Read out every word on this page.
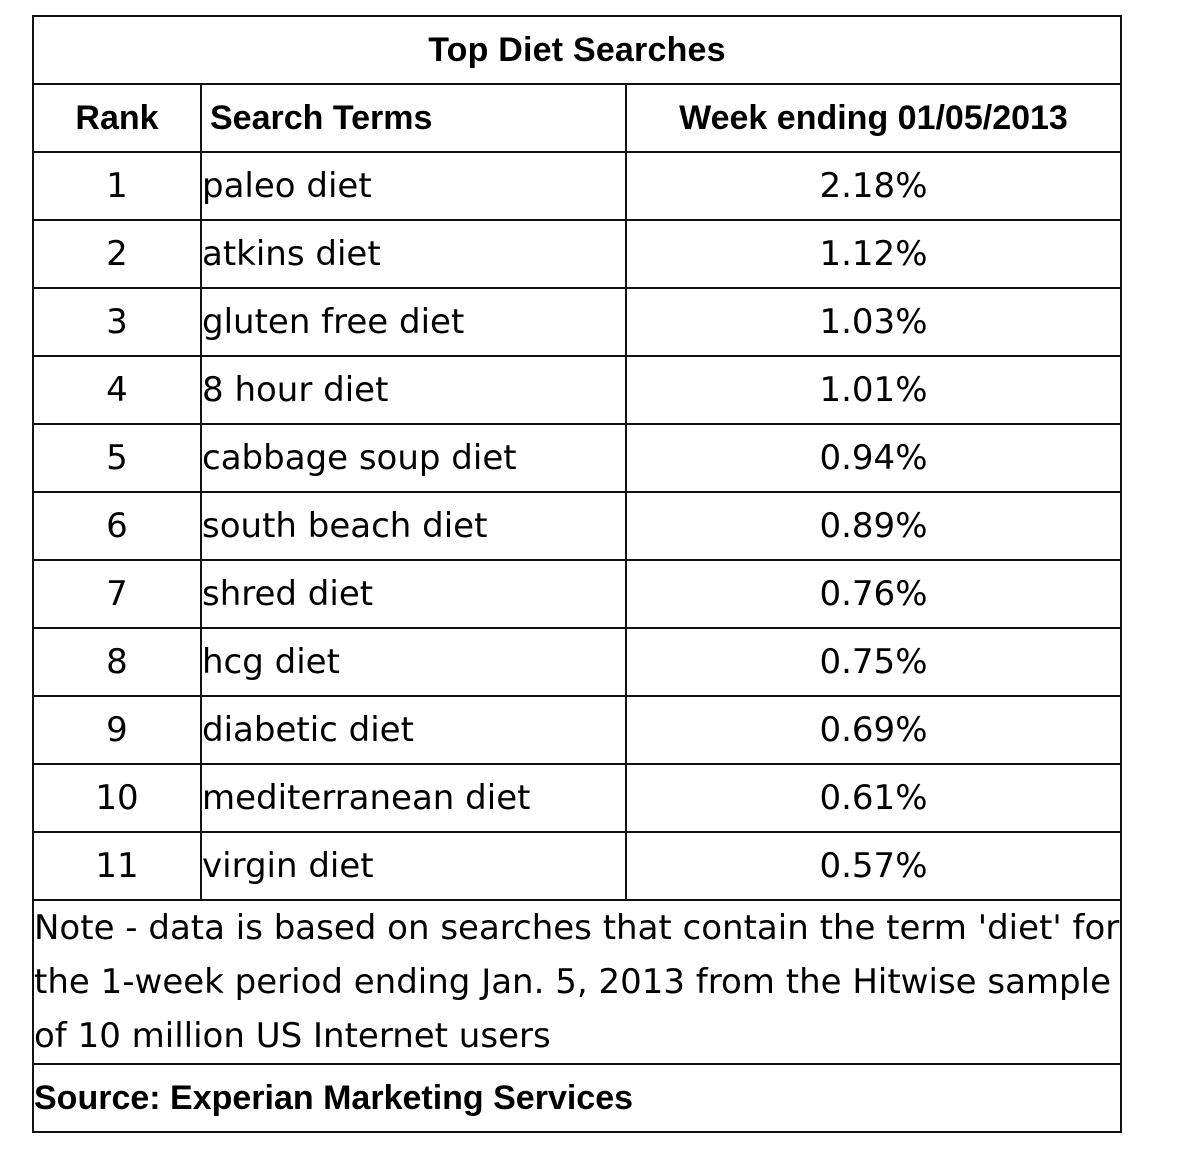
Top Diet Searches		
Rank	Search Terms	Week ending 01/05/2013
1	paleo diet	2.18%
2	atkins diet	1.12%
3	gluten free diet	1.03%
4	8 hour diet	1.01%
5	cabbage soup diet	0.94%
6	south beach diet	0.89%
7	shred diet	0.76%
8	hcg diet	0.75%
9	diabetic diet	0.69%
10	mediterranean diet	0.61%
11	virgin diet	0.57%
Note - data is based on searches that contain the term 'diet' for the 1-week period ending Jan. 5, 2013 from the Hitwise sample of 10 million US Internet users		
Source: Experian Marketing Services		
